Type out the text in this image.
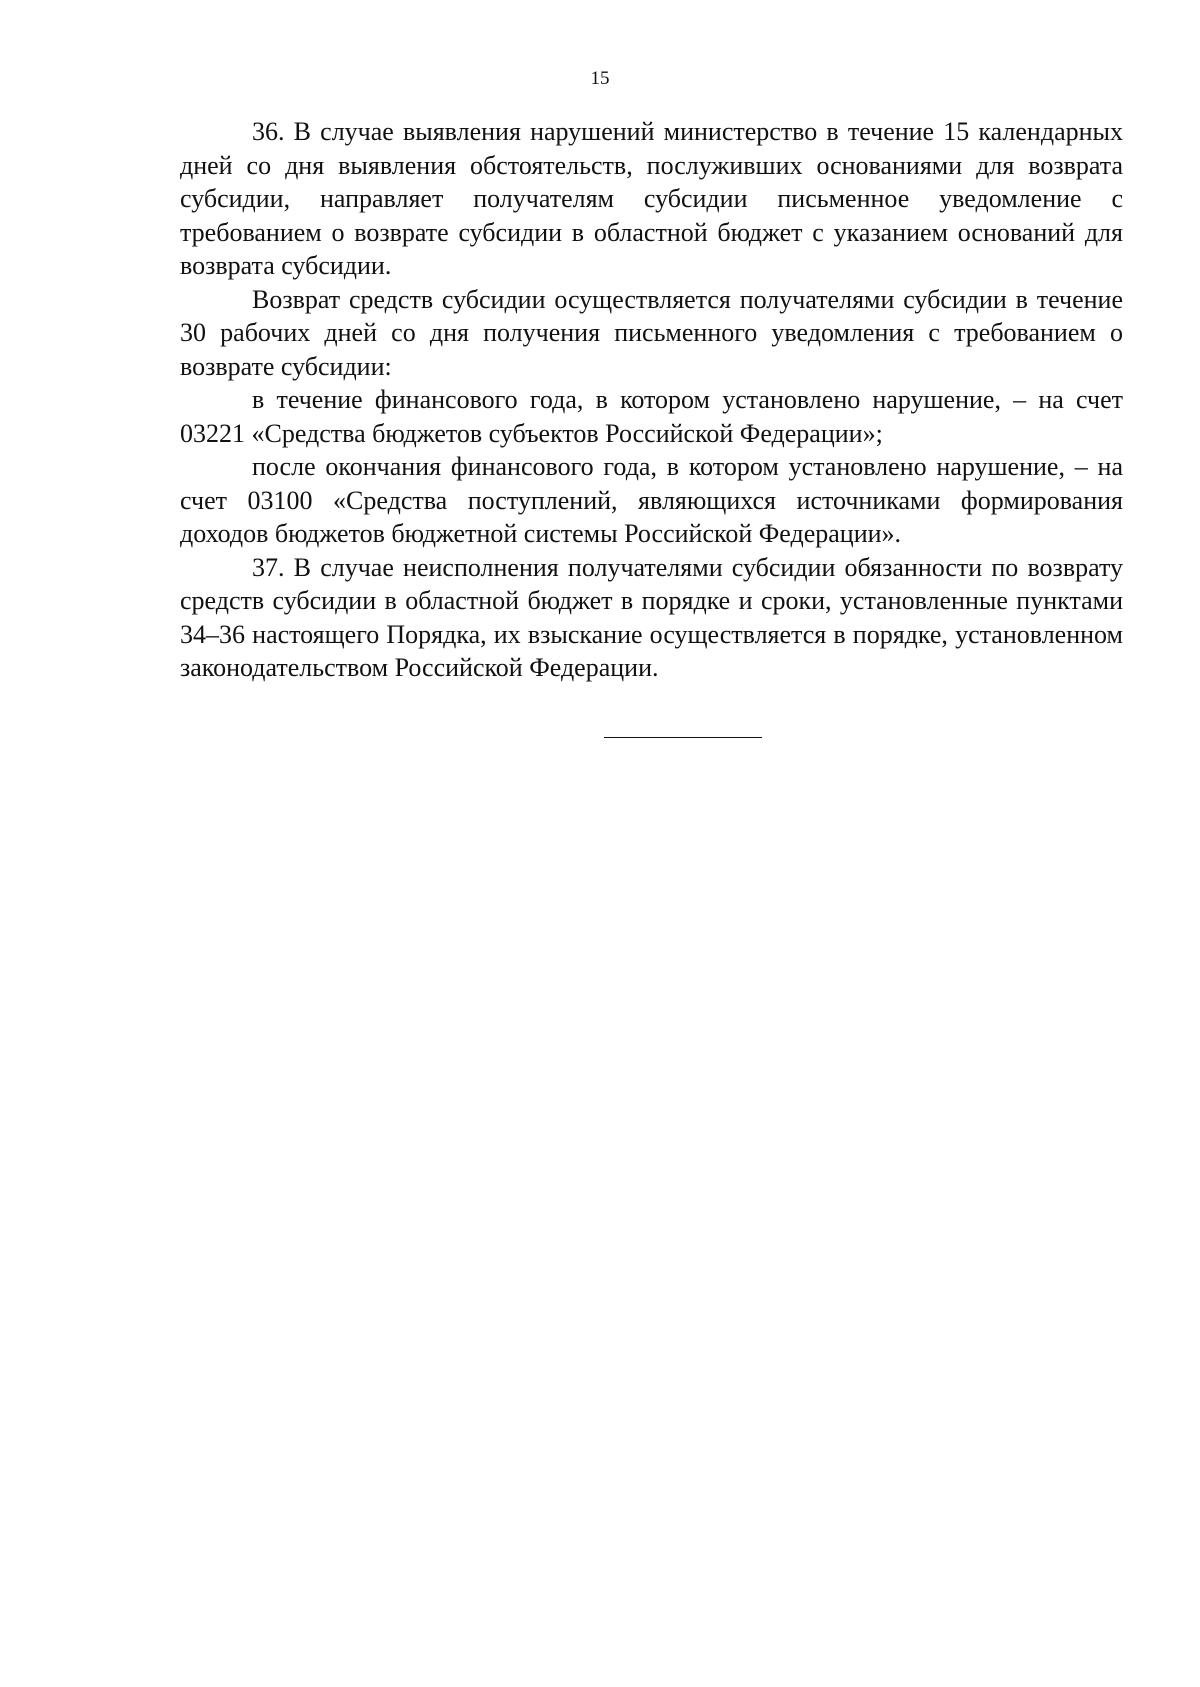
15

36. В случае выявления нарушений министерство в течение 15 календарных дней со дня выявления обстоятельств, послуживших основаниями для возврата субсидии, направляет получателям субсидии письменное уведомление с требованием о возврате субсидии в областной бюджет с указанием оснований для возврата субсидии.

Возврат средств субсидии осуществляется получателями субсидии в течение 30 рабочих дней со дня получения письменного уведомления с требованием о возврате субсидии:

в течение финансового года, в котором установлено нарушение, – на счет 03221 «Средства бюджетов субъектов Российской Федерации»;

после окончания финансового года, в котором установлено нарушение, – на счет 03100 «Средства поступлений, являющихся источниками формирования доходов бюджетов бюджетной системы Российской Федерации».

37. В случае неисполнения получателями субсидии обязанности по возврату средств субсидии в областной бюджет в порядке и сроки, установленные пунктами 34–36 настоящего Порядка, их взыскание осуществляется в порядке, установленном законодательством Российской Федерации.
